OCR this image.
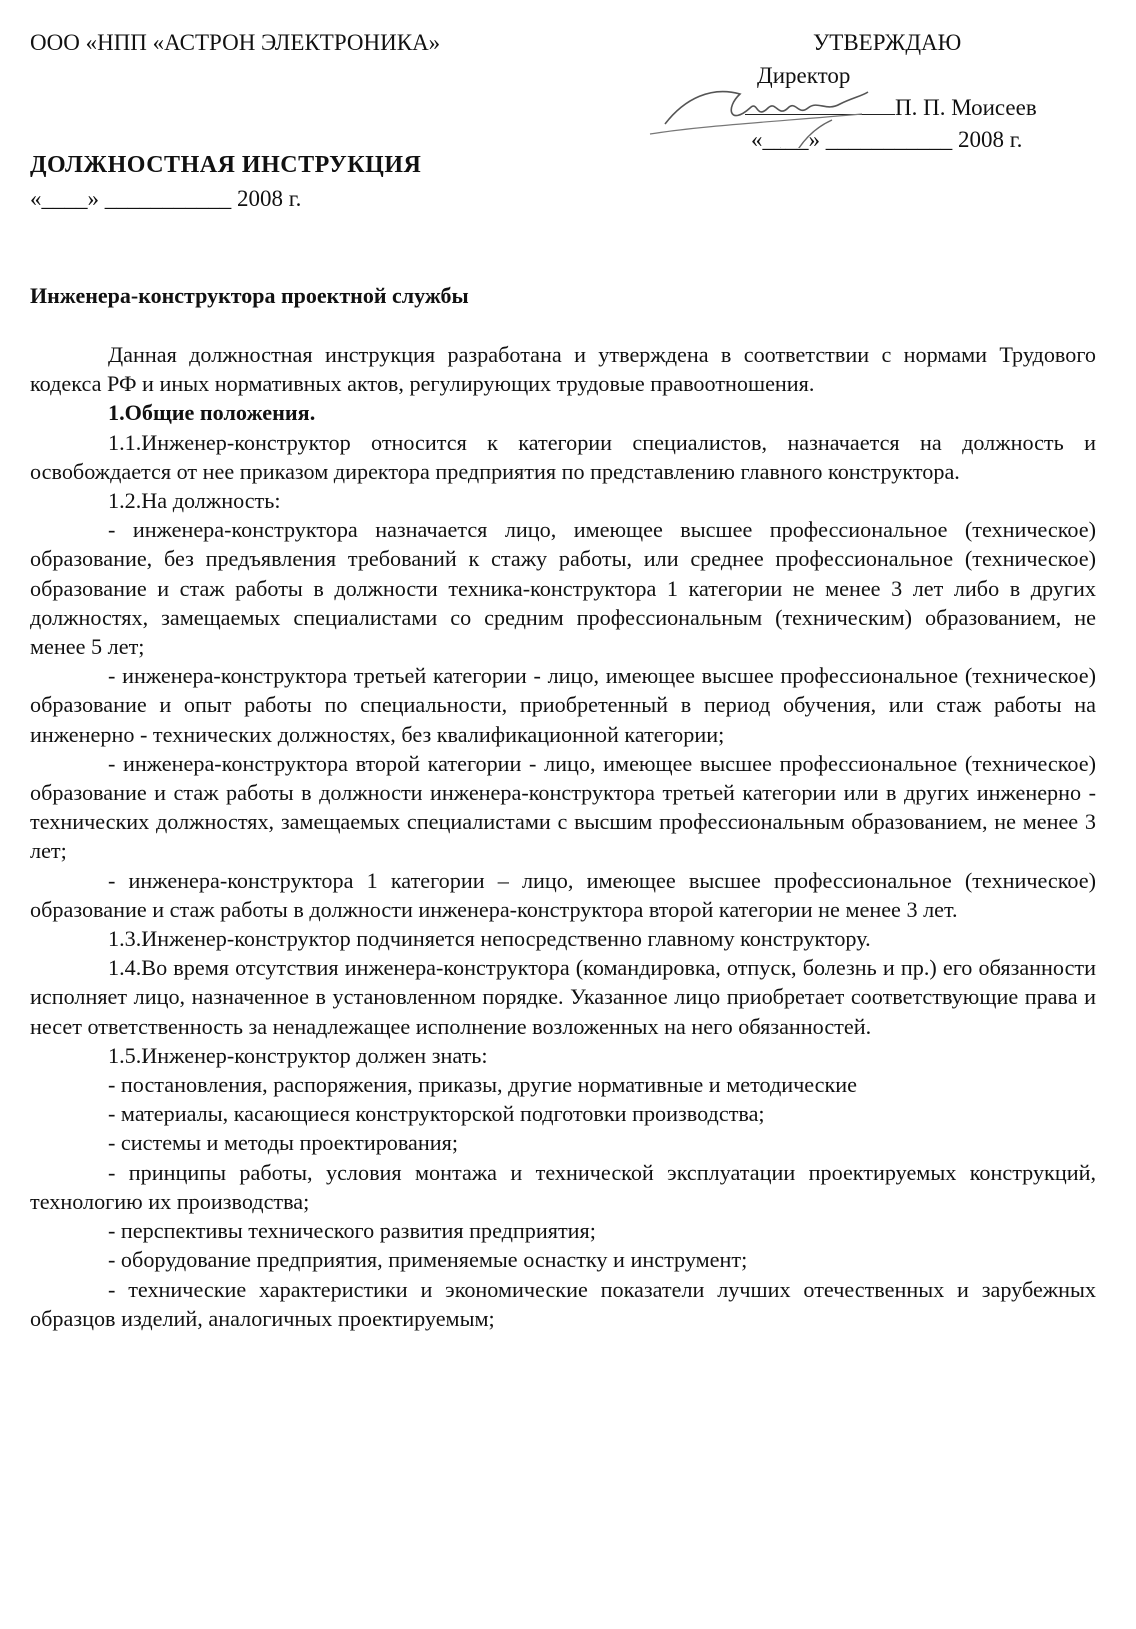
ООО «НПП «АСТРОН ЭЛЕКТРОНИКА»	УТВЕРЖДАЮ
Директор
П. П. Моисеев
«____» ___________ 2008 г.
ДОЛЖНОСТНАЯ ИНСТРУКЦИЯ
«____» ___________ 2008 г.
Инженера-конструктора проектной службы

Данная должностная инструкция разработана и утверждена в соответствии с нормами Трудового кодекса РФ и иных нормативных актов, регулирующих трудовые правоотношения.

1.Общие положения.

1.1.Инженер-конструктор относится к категории специалистов, назначается на должность и освобождается от нее приказом директора предприятия по представлению главного конструктора.

1.2.На должность:

- инженера-конструктора назначается лицо, имеющее высшее профессиональное (техническое) образование, без предъявления требований к стажу работы, или среднее профессиональное (техническое) образование и стаж работы в должности техника-конструктора 1 категории не менее 3 лет либо в других должностях, замещаемых специалистами со средним профессиональным (техническим) образованием, не менее 5 лет;

- инженера-конструктора третьей категории - лицо, имеющее высшее профессиональное (техническое) образование и опыт работы по специальности, приобретенный в период обучения, или стаж работы на инженерно - технических должностях, без квалификационной категории;

- инженера-конструктора второй категории - лицо, имеющее высшее профессиональное (техническое) образование и стаж работы в должности инженера-конструктора третьей категории или в других инженерно - технических должностях, замещаемых специалистами с высшим профессиональным образованием, не менее 3 лет;

- инженера-конструктора 1 категории – лицо, имеющее высшее профессиональное (техническое) образование и стаж работы в должности инженера-конструктора второй категории не менее 3 лет.

1.3.Инженер-конструктор подчиняется непосредственно главному конструктору.

1.4.Во время отсутствия инженера-конструктора (командировка, отпуск, болезнь и пр.) его обязанности исполняет лицо, назначенное в установленном порядке. Указанное лицо приобретает соответствующие права и несет ответственность за ненадлежащее исполнение возложенных на него обязанностей.

1.5.Инженер-конструктор должен знать:

- постановления, распоряжения, приказы, другие нормативные и методические

- материалы, касающиеся конструкторской подготовки производства;

- системы и методы проектирования;

- принципы работы, условия монтажа и технической эксплуатации проектируемых конструкций, технологию их производства;

- перспективы технического развития предприятия;

- оборудование предприятия, применяемые оснастку и инструмент;

- технические характеристики и экономические показатели лучших отечественных и зарубежных образцов изделий, аналогичных проектируемым;
